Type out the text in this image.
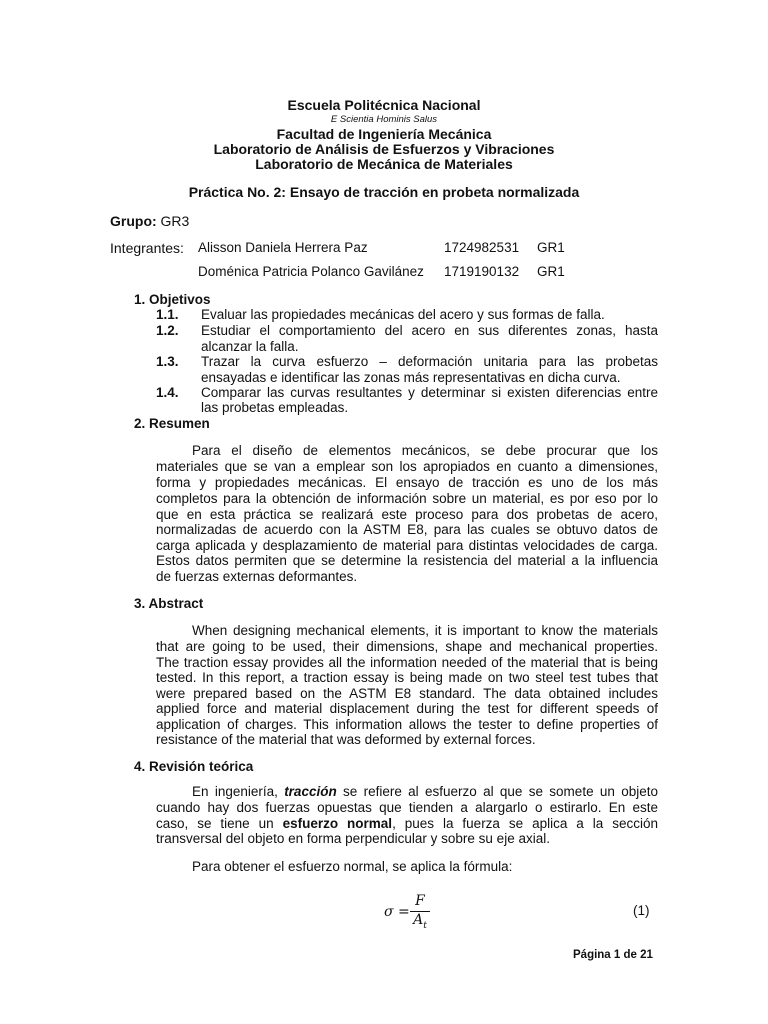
Escuela Politécnica Nacional
E Scientia Hominis Salus
Facultad de Ingeniería Mecánica
Laboratorio de Análisis de Esfuerzos y Vibraciones
Laboratorio de Mecánica de Materiales
Práctica No. 2: Ensayo de tracción en probeta normalizada
Grupo: GR3
Integrantes: Alisson Daniela Herrera Paz	1724982531 GR1
Doménica Patricia Polanco Gavilánez 1719190132 GR1
1. Objetivos
1.1. Evaluar las propiedades mecánicas del acero y sus formas de falla.
1.2. Estudiar el comportamiento del acero en sus diferentes zonas, hasta
alcanzar la falla.
1.3. Trazar la curva esfuerzo – deformación unitaria para las probetas
ensayadas e identificar las zonas más representativas en dicha curva.
1.4. Comparar las curvas resultantes y determinar si existen diferencias entre
las probetas empleadas.
2. Resumen
Para el diseño de elementos mecánicos, se debe procurar que los
materiales que se van a emplear son los apropiados en cuanto a dimensiones,
forma y propiedades mecánicas. El ensayo de tracción es uno de los más
completos para la obtención de información sobre un material, es por eso por lo
que en esta práctica se realizará este proceso para dos probetas de acero,
normalizadas de acuerdo con la ASTM E8, para las cuales se obtuvo datos de
carga aplicada y desplazamiento de material para distintas velocidades de carga.
Estos datos permiten que se determine la resistencia del material a la influencia
de fuerzas externas deformantes.
3. Abstract
When designing mechanical elements, it is important to know the materials
that are going to be used, their dimensions, shape and mechanical properties.
The traction essay provides all the information needed of the material that is being
tested. In this report, a traction essay is being made on two steel test tubes that
were prepared based on the ASTM E8 standard. The data obtained includes
applied force and material displacement during the test for different speeds of
application of charges. This information allows the tester to define properties of
resistance of the material that was deformed by external forces.
4. Revisión teórica
En ingeniería, tracción se refiere al esfuerzo al que se somete un objeto
cuando hay dos fuerzas opuestas que tienden a alargarlo o estirarlo. En este
caso, se tiene un esfuerzo normal, pues la fuerza se aplica a la sección
transversal del objeto en forma perpendicular y sobre su eje axial.
Para obtener el esfuerzo normal, se aplica la fórmula:
σ =
F
$A_t$
(1)
Página 1 de 21
